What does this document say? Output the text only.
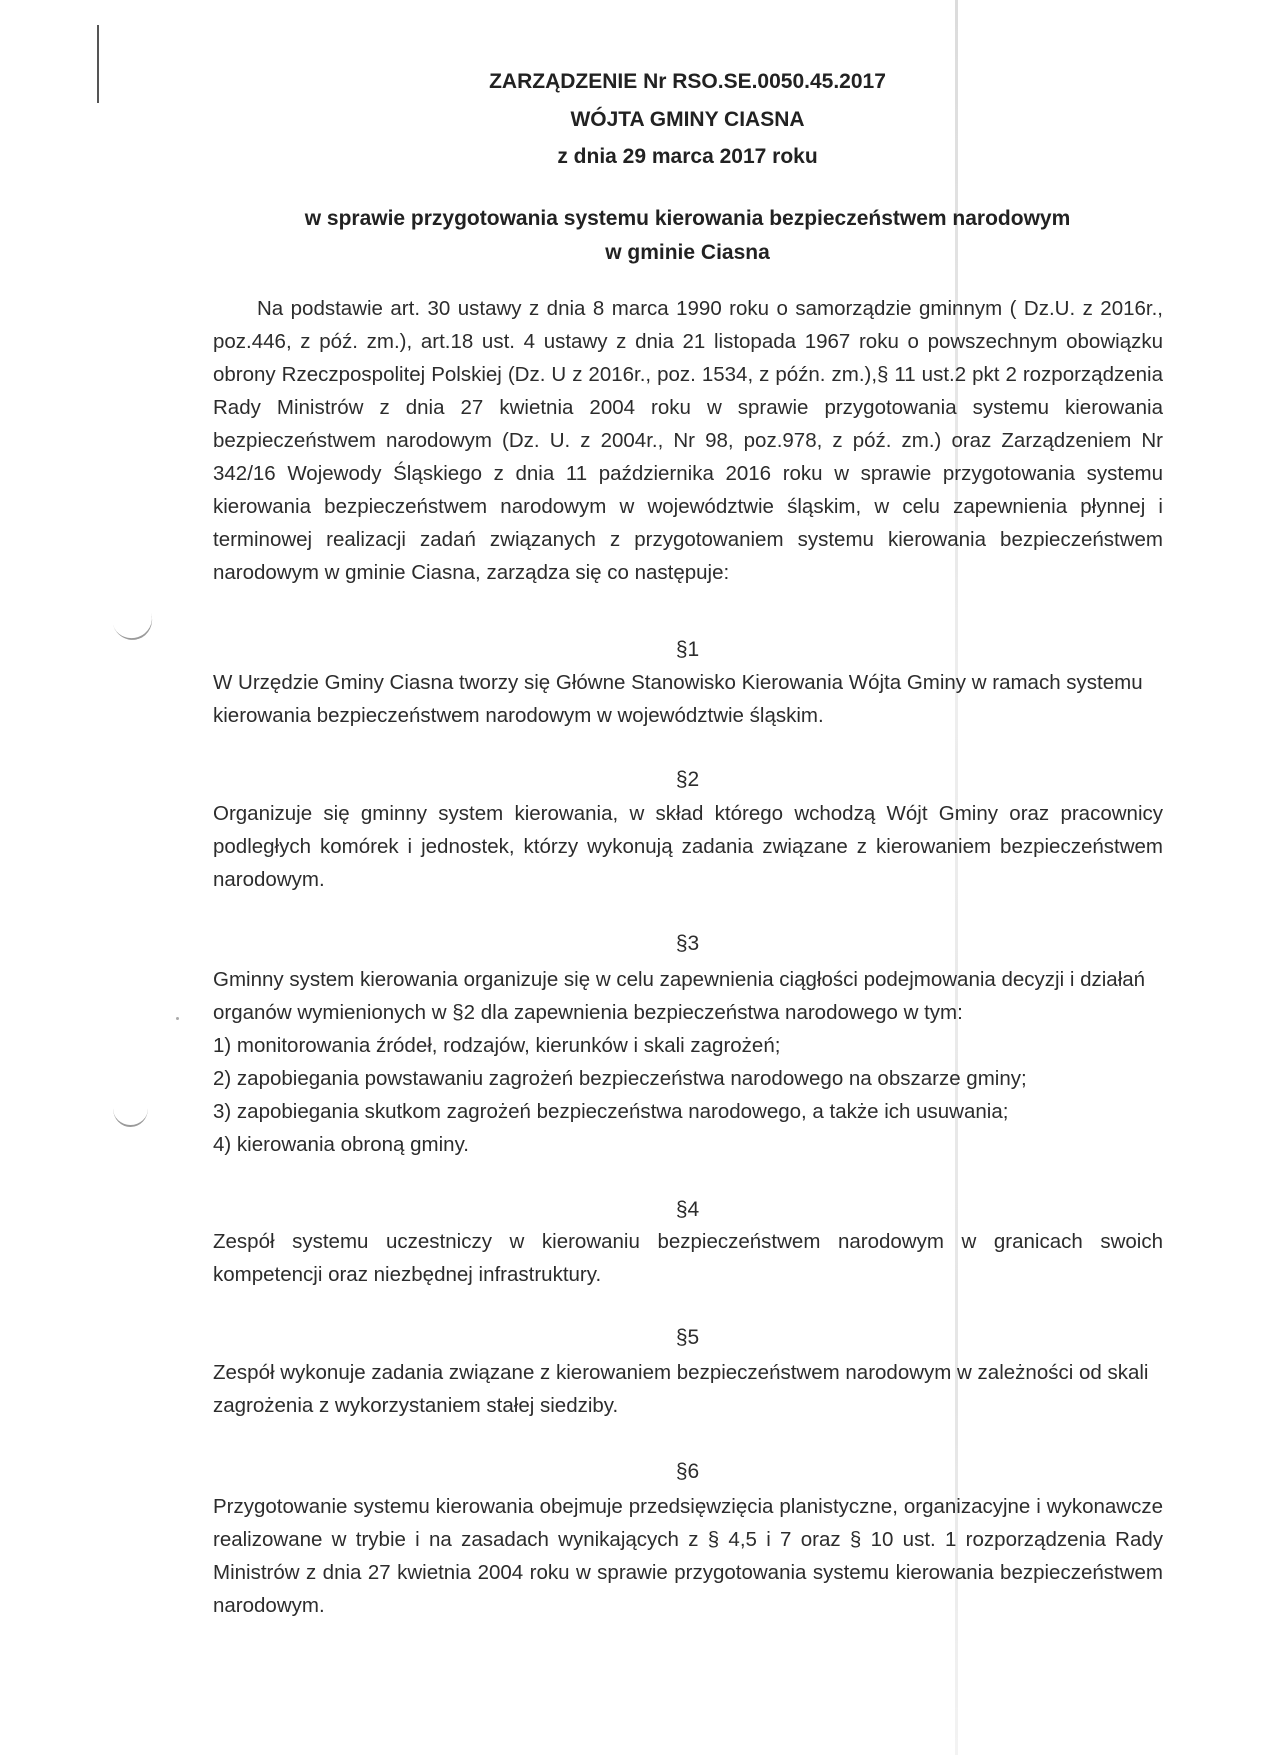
ZARZĄDZENIE Nr RSO.SE.0050.45.2017
WÓJTA GMINY CIASNA
z dnia 29 marca 2017 roku
w sprawie przygotowania systemu kierowania bezpieczeństwem narodowym
w gminie Ciasna
Na podstawie art. 30 ustawy z dnia 8 marca 1990 roku o samorządzie gminnym ( Dz.U. z 2016r., poz.446, z póź. zm.), art.18 ust. 4 ustawy z dnia 21 listopada 1967 roku o powszechnym obowiązku obrony Rzeczpospolitej Polskiej (Dz. U z 2016r., poz. 1534, z późn. zm.),§ 11 ust.2 pkt 2 rozporządzenia Rady Ministrów z dnia 27 kwietnia 2004 roku w sprawie przygotowania systemu kierowania bezpieczeństwem narodowym (Dz. U. z 2004r., Nr 98, poz.978, z póź. zm.) oraz Zarządzeniem Nr 342/16 Wojewody Śląskiego z dnia 11 października 2016 roku w sprawie przygotowania systemu kierowania bezpieczeństwem narodowym w województwie śląskim, w celu zapewnienia płynnej i terminowej realizacji zadań związanych z przygotowaniem systemu kierowania bezpieczeństwem narodowym w gminie Ciasna, zarządza się co następuje:
§1
W Urzędzie Gminy Ciasna tworzy się Główne Stanowisko Kierowania Wójta Gminy w ramach systemu kierowania bezpieczeństwem narodowym w województwie śląskim.
§2
Organizuje się gminny system kierowania, w skład którego wchodzą Wójt Gminy oraz pracownicy podległych komórek i jednostek, którzy wykonują zadania związane z kierowaniem bezpieczeństwem narodowym.
§3
Gminny system kierowania organizuje się w celu zapewnienia ciągłości podejmowania decyzji i działań organów wymienionych w §2 dla zapewnienia bezpieczeństwa narodowego w tym:
1) monitorowania źródeł, rodzajów, kierunków i skali zagrożeń;
2) zapobiegania powstawaniu zagrożeń bezpieczeństwa narodowego na obszarze gminy;
3) zapobiegania skutkom zagrożeń bezpieczeństwa narodowego, a także ich usuwania;
4) kierowania obroną gminy.
§4
Zespół systemu uczestniczy w kierowaniu bezpieczeństwem narodowym w granicach swoich kompetencji oraz niezbędnej infrastruktury.
§5
Zespół wykonuje zadania związane z kierowaniem bezpieczeństwem narodowym w zależności od skali zagrożenia z wykorzystaniem stałej siedziby.
§6
Przygotowanie systemu kierowania obejmuje przedsięwzięcia planistyczne, organizacyjne i wykonawcze realizowane w trybie i na zasadach wynikających z § 4,5 i 7 oraz § 10 ust. 1 rozporządzenia Rady Ministrów z dnia 27 kwietnia 2004 roku w sprawie przygotowania systemu kierowania bezpieczeństwem narodowym.
